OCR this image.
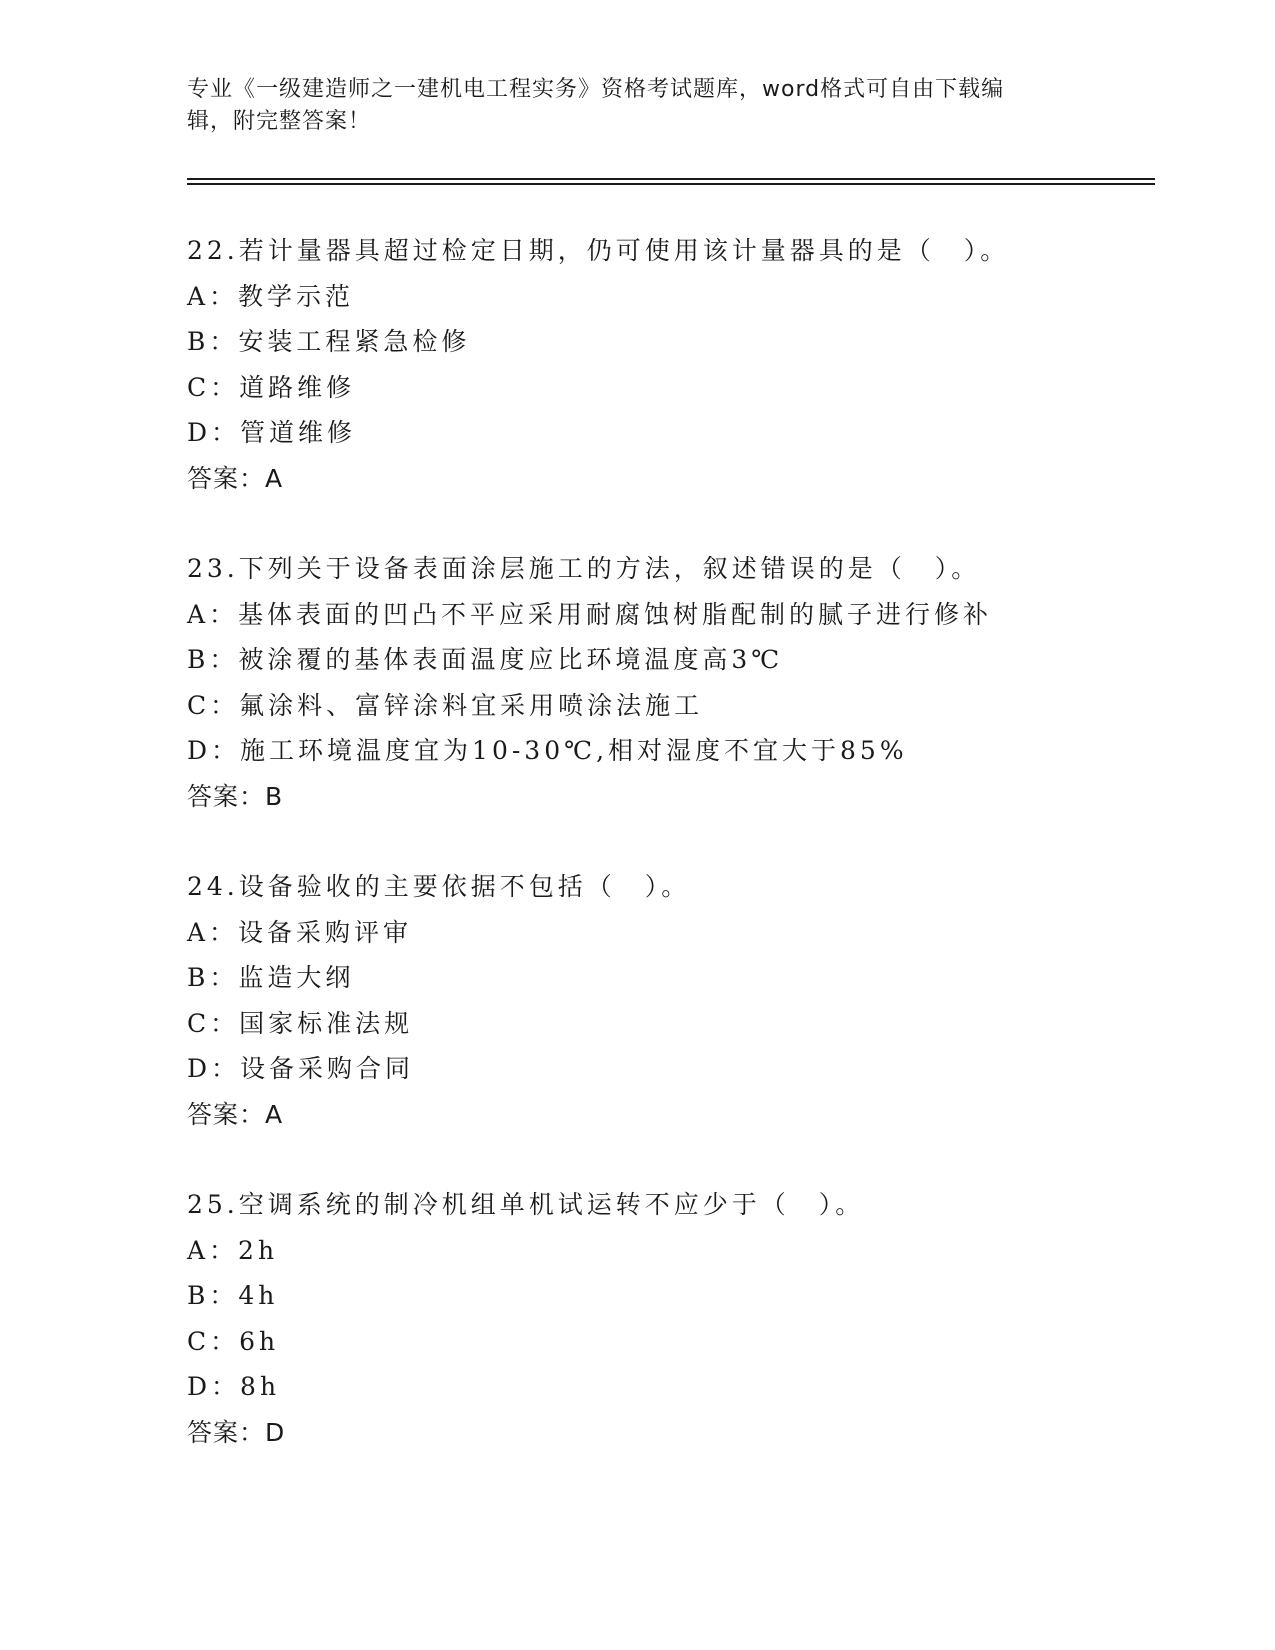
专业《一级建造师之一建机电工程实务》资格考试题库，word格式可自由下载编
辑，附完整答案！
22.若计量器具超过检定日期，仍可使用该计量器具的是（　）。
A：教学示范
B：安装工程紧急检修
C：道路维修
D：管道维修
答案：A
23.下列关于设备表面涂层施工的方法，叙述错误的是（　）。
A：基体表面的凹凸不平应采用耐腐蚀树脂配制的腻子进行修补
B：被涂覆的基体表面温度应比环境温度高3℃
C：氟涂料、富锌涂料宜采用喷涂法施工
D：施工环境温度宜为10-30℃,相对湿度不宜大于85%
答案：B
24.设备验收的主要依据不包括（　）。
A：设备采购评审
B：监造大纲
C：国家标准法规
D：设备采购合同
答案：A
25.空调系统的制冷机组单机试运转不应少于（　）。
A：2h
B：4h
C：6h
D：8h
答案：D
